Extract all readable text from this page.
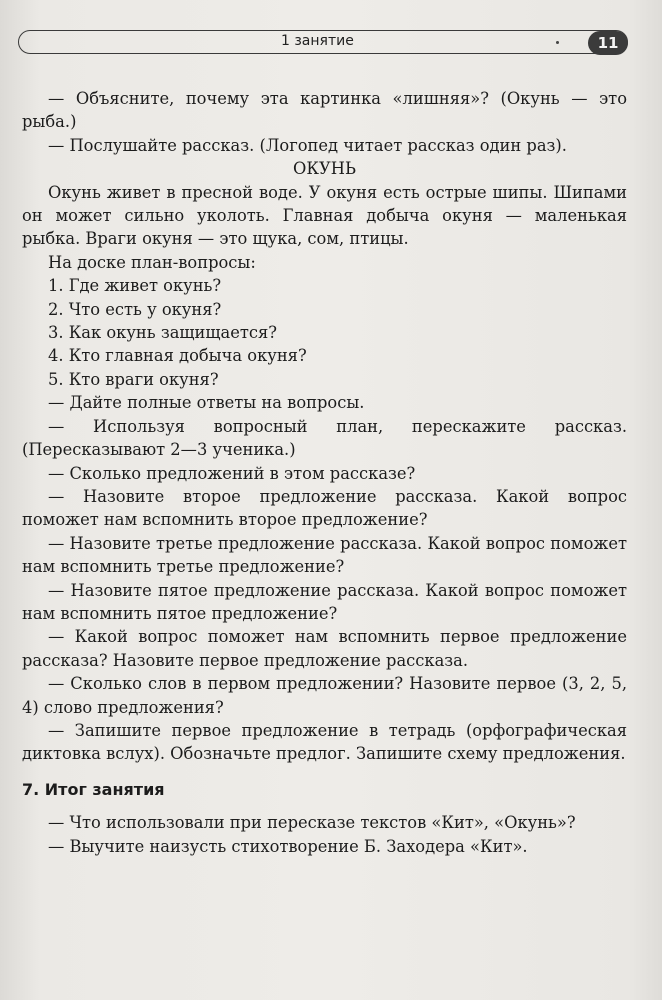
1 занятие	11

— Объясните, почему эта картинка «лишняя»? (Окунь — это рыба.)

— Послушайте рассказ. (Логопед читает рассказ один раз).

ОКУНЬ

Окунь живет в пресной воде. У окуня есть острые шипы. Шипами он может сильно уколоть. Главная добыча окуня — маленькая рыбка. Враги окуня — это щука, сом, птицы.

На доске план-вопросы:

1. Где живет окунь?

2. Что есть у окуня?

3. Как окунь защищается?

4. Кто главная добыча окуня?

5. Кто враги окуня?

— Дайте полные ответы на вопросы.

— Используя вопросный план, перескажите рассказ. (Пересказывают 2—3 ученика.)

— Сколько предложений в этом рассказе?

— Назовите второе предложение рассказа. Какой вопрос поможет нам вспомнить второе предложение?

— Назовите третье предложение рассказа. Какой вопрос поможет нам вспомнить третье предложение?

— Назовите пятое предложение рассказа. Какой вопрос поможет нам вспомнить пятое предложение?

— Какой вопрос поможет нам вспомнить первое предложение рассказа? Назовите первое предложение рассказа.

— Сколько слов в первом предложении? Назовите первое (3, 2, 5, 4) слово предложения?

— Запишите первое предложение в тетрадь (орфографическая диктовка вслух). Обозначьте предлог. Запишите схему предложения.

7. Итог занятия

— Что использовали при пересказе текстов «Кит», «Окунь»?

— Выучите наизусть стихотворение Б. Заходера «Кит».
